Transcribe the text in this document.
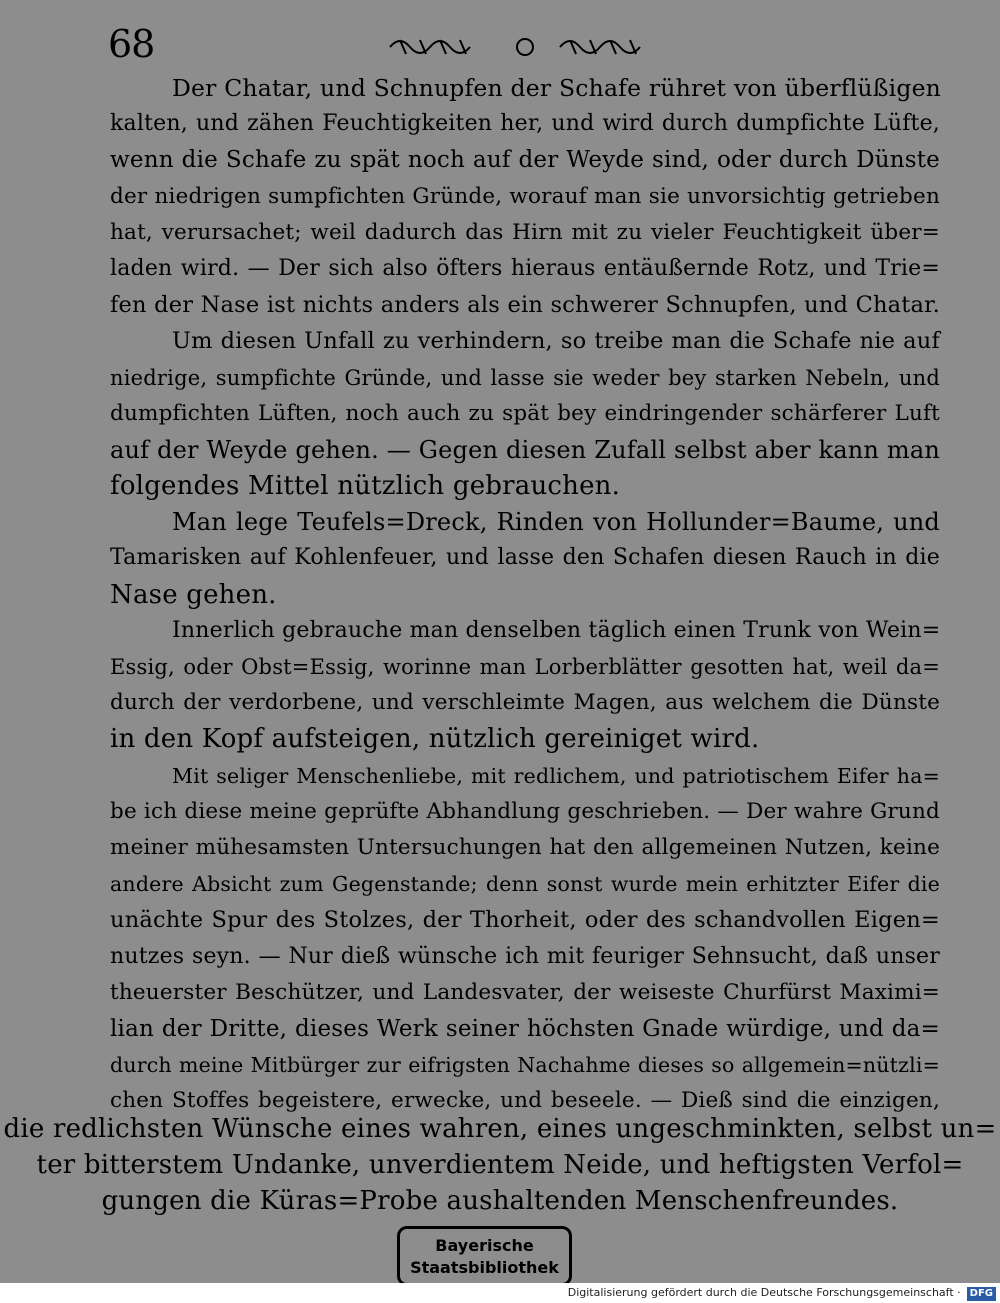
68
Der Chatar, und Schnupfen der Schafe rühret von überflüßigen
kalten, und zähen Feuchtigkeiten her, und wird durch dumpfichte Lüfte,
wenn die Schafe zu spät noch auf der Weyde sind, oder durch Dünste
der niedrigen sumpfichten Gründe, worauf man sie unvorsichtig getrieben
hat, verursachet; weil dadurch das Hirn mit zu vieler Feuchtigkeit über=
laden wird. — Der sich also öfters hieraus entäußernde Rotz, und Trie=
fen der Nase ist nichts anders als ein schwerer Schnupfen, und Chatar.
Um diesen Unfall zu verhindern, so treibe man die Schafe nie auf
niedrige, sumpfichte Gründe, und lasse sie weder bey starken Nebeln, und
dumpfichten Lüften, noch auch zu spät bey eindringender schärferer Luft
auf der Weyde gehen. — Gegen diesen Zufall selbst aber kann man
folgendes Mittel nützlich gebrauchen.
Man lege Teufels=Dreck, Rinden von Hollunder=Baume, und
Tamarisken auf Kohlenfeuer, und lasse den Schafen diesen Rauch in die
Nase gehen.
Innerlich gebrauche man denselben täglich einen Trunk von Wein=
Essig, oder Obst=Essig, worinne man Lorberblätter gesotten hat, weil da=
durch der verdorbene, und verschleimte Magen, aus welchem die Dünste
in den Kopf aufsteigen, nützlich gereiniget wird.
Mit seliger Menschenliebe, mit redlichem, und patriotischem Eifer ha=
be ich diese meine geprüfte Abhandlung geschrieben. — Der wahre Grund
meiner mühesamsten Untersuchungen hat den allgemeinen Nutzen, keine
andere Absicht zum Gegenstande; denn sonst wurde mein erhitzter Eifer die
unächte Spur des Stolzes, der Thorheit, oder des schandvollen Eigen=
nutzes seyn. — Nur dieß wünsche ich mit feuriger Sehnsucht, daß unser
theuerster Beschützer, und Landesvater, der weiseste Churfürst Maximi=
lian der Dritte, dieses Werk seiner höchsten Gnade würdige, und da=
durch meine Mitbürger zur eifrigsten Nachahme dieses so allgemein=nützli=
chen Stoffes begeistere, erwecke, und beseele. — Dieß sind die einzigen,
die redlichsten Wünsche eines wahren, eines ungeschminkten, selbst un=
ter bitterstem Undanke, unverdientem Neide, und heftigsten Verfol=
gungen die Küras=Probe aushaltenden Menschenfreundes.
Bayerische
Staatsbibliothek
Digitalisierung gefördert durch die Deutsche Forschungsgemeinschaft · DFG
